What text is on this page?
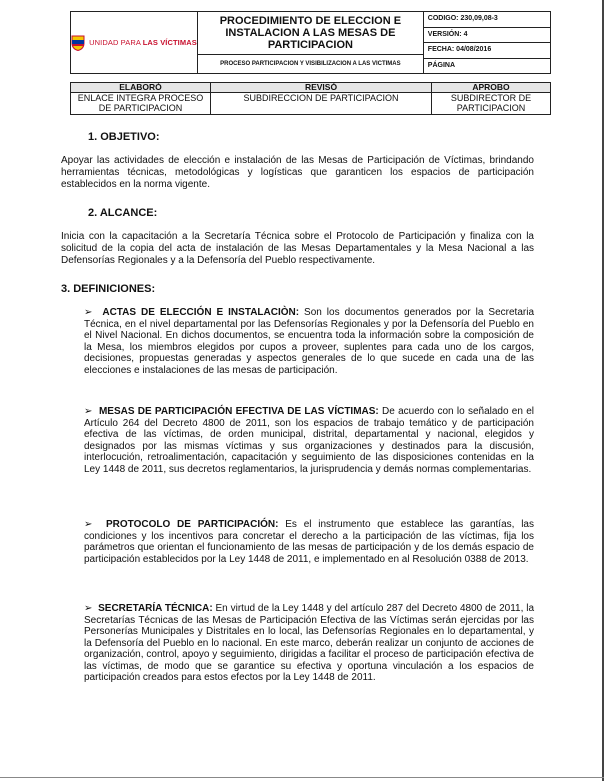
UNIDAD PARA LAS VÍCTIMAS

PROCEDIMIENTO DE ELECCION E INSTALACION A LAS MESAS DE PARTICIPACION
PROCESO PARTICIPACION Y VISIBILIZACION A LAS VICTIMAS

CODIGO: 230,09,08-3

VERSIÓN: 4

FECHA: 04/08/2016

PÁGINA
ELABORÓ	REVISÓ	APROBO
ENLACE INTEGRA PROCESO DE PARTICIPACION	SUBDIRECCION DE PARTICIPACION	SUBDIRECTOR DE PARTICIPACION
1. OBJETIVO:
Apoyar las actividades de elección e instalación de las Mesas de Participación de Víctimas, brindando herramientas técnicas, metodológicas y logísticas que garanticen los espacios de participación establecidos en la norma vigente.
2. ALCANCE:
Inicia con la capacitación a la Secretaría Técnica sobre el Protocolo de Participación y finaliza con la solicitud de la copia del acta de instalación de las Mesas Departamentales y la Mesa Nacional a las Defensorías Regionales y a la Defensoría del Pueblo respectivamente.
3. DEFINICIONES:
➢ ACTAS DE ELECCIÓN E INSTALACIÒN: Son los documentos generados por la Secretaria Técnica, en el nivel departamental por las Defensorías Regionales y por la Defensoría del Pueblo en el Nivel Nacional. En dichos documentos, se encuentra toda la información sobre la composición de la Mesa, los miembros elegidos por cupos a proveer, suplentes para cada uno de los cargos, decisiones, propuestas generadas y aspectos generales de lo que sucede en cada una de las elecciones e instalaciones de las mesas de participación.
➢ MESAS DE PARTICIPACIÓN EFECTIVA DE LAS VÍCTIMAS: De acuerdo con lo señalado en el Artículo 264 del Decreto 4800 de 2011, son los espacios de trabajo temático y de participación efectiva de las víctimas, de orden municipal, distrital, departamental y nacional, elegidos y designados por las mismas víctimas y sus organizaciones y destinados para la discusión, interlocución, retroalimentación, capacitación y seguimiento de las disposiciones contenidas en la Ley 1448 de 2011, sus decretos reglamentarios, la jurisprudencia y demás normas complementarias.
➢ PROTOCOLO DE PARTICIPACIÓN: Es el instrumento que establece las garantías, las condiciones y los incentivos para concretar el derecho a la participación de las víctimas, fija los parámetros que orientan el funcionamiento de las mesas de participación y de los demás espacio de participación establecidos por la Ley 1448 de 2011, e implementado en al Resolución 0388 de 2013.
➢ SECRETARÍA TÉCNICA: En virtud de la Ley 1448 y del artículo 287 del Decreto 4800 de 2011, la Secretarías Técnicas de las Mesas de Participación Efectiva de las Víctimas serán ejercidas por las Personerías Municipales y Distritales en lo local, las Defensorías Regionales en lo departamental, y la Defensoría del Pueblo en lo nacional. En este marco, deberán realizar un conjunto de acciones de organización, control, apoyo y seguimiento, dirigidas a facilitar el proceso de participación efectiva de las víctimas, de modo que se garantice su efectiva y oportuna vinculación a los espacios de participación creados para estos efectos por la Ley 1448 de 2011.
